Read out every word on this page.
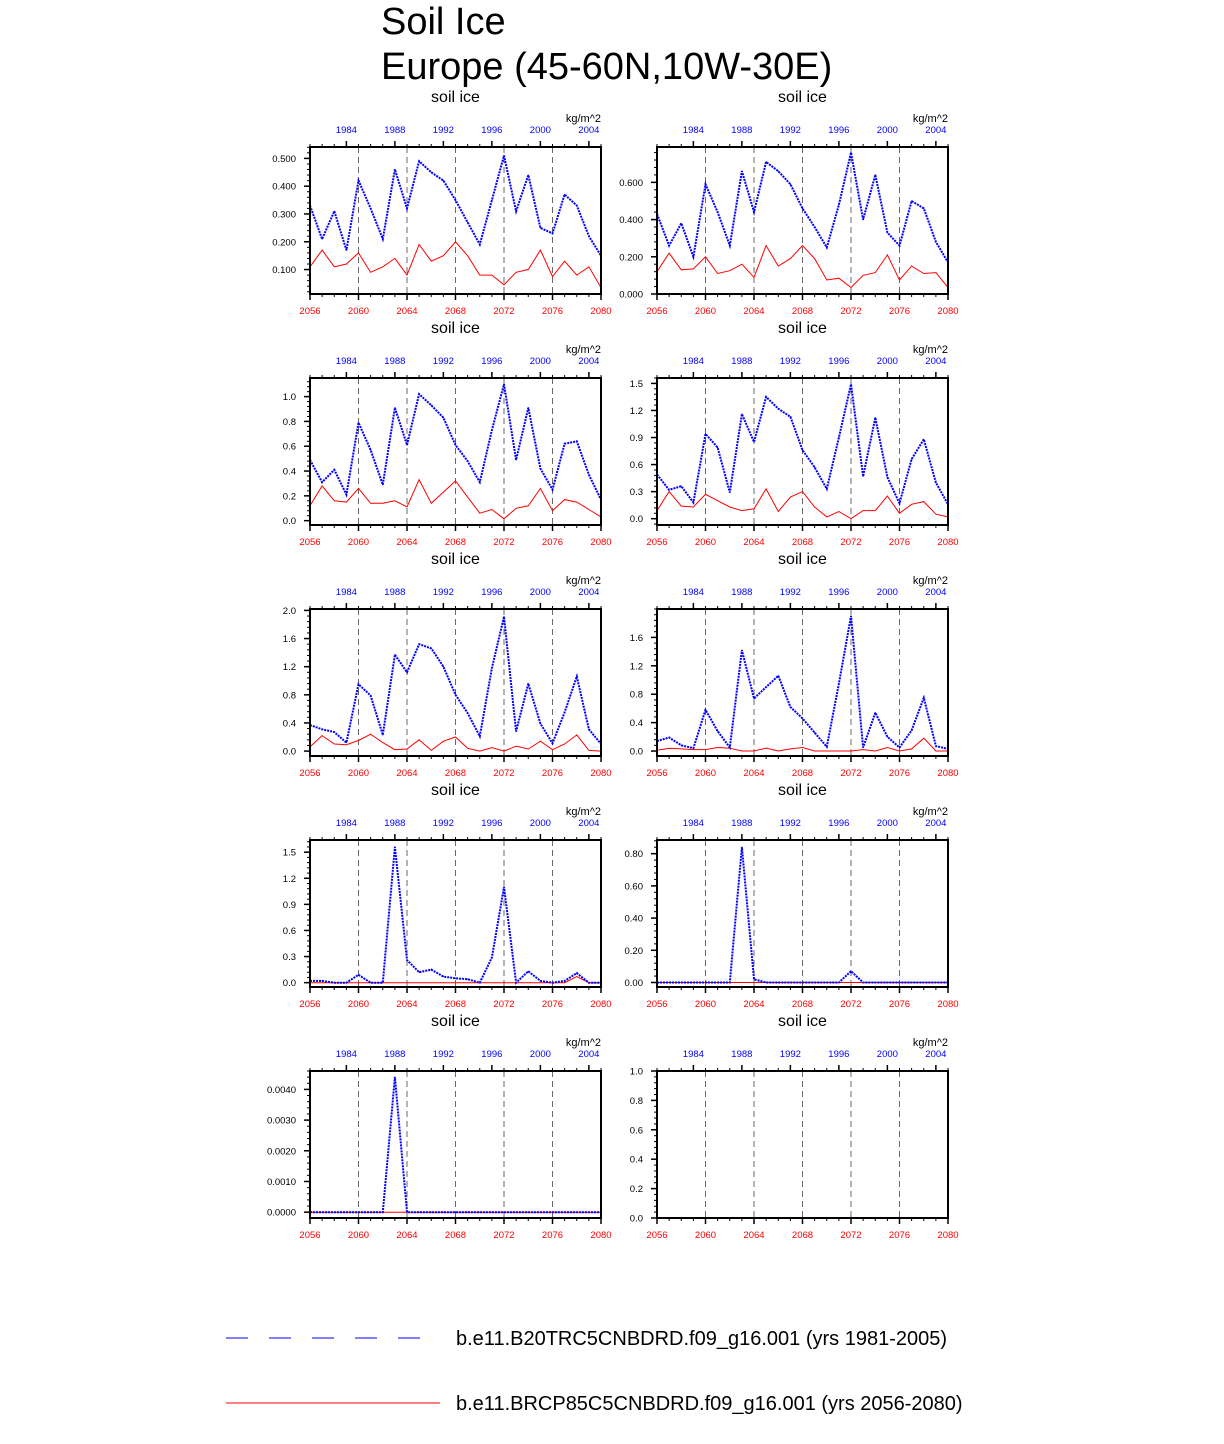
Soil Ice
Europe (45-60N,10W-30E)
soil ice
kg/m^2
2056	2060	2064	2068	2072	2076	2080
1984	1988	1992	1996	2000	2004
0.100
0.200
0.300
0.400
0.500
soil ice
kg/m^2
2056	2060	2064	2068	2072	2076	2080
1984	1988	1992	1996	2000	2004
0.000
0.200
0.400
0.600
soil ice
kg/m^2
2056	2060	2064	2068	2072	2076	2080
1984	1988	1992	1996	2000	2004
0.0
0.2
0.4
0.6
0.8
1.0
soil ice
kg/m^2
2056	2060	2064	2068	2072	2076	2080
1984	1988	1992	1996	2000	2004
0.0
0.3
0.6
0.9
1.2
1.5
soil ice
kg/m^2
2056	2060	2064	2068	2072	2076	2080
1984	1988	1992	1996	2000	2004
0.0
0.4
0.8
1.2
1.6
2.0
soil ice
kg/m^2
2056	2060	2064	2068	2072	2076	2080
1984	1988	1992	1996	2000	2004
0.0
0.4
0.8
1.2
1.6
soil ice
kg/m^2
2056	2060	2064	2068	2072	2076	2080
1984	1988	1992	1996	2000	2004
0.0
0.3
0.6
0.9
1.2
1.5
soil ice
kg/m^2
2056	2060	2064	2068	2072	2076	2080
1984	1988	1992	1996	2000	2004
0.00
0.20
0.40
0.60
0.80
soil ice
kg/m^2
2056	2060	2064	2068	2072	2076	2080
1984	1988	1992	1996	2000	2004
0.0000
0.0010
0.0020
0.0030
0.0040
soil ice
kg/m^2
2056	2060	2064	2068	2072	2076	2080
1984	1988	1992	1996	2000	2004
0.0
0.2
0.4
0.6
0.8
1.0
b.e11.B20TRC5CNBDRD.f09_g16.001 (yrs 1981-2005)
b.e11.BRCP85C5CNBDRD.f09_g16.001 (yrs 2056-2080)
